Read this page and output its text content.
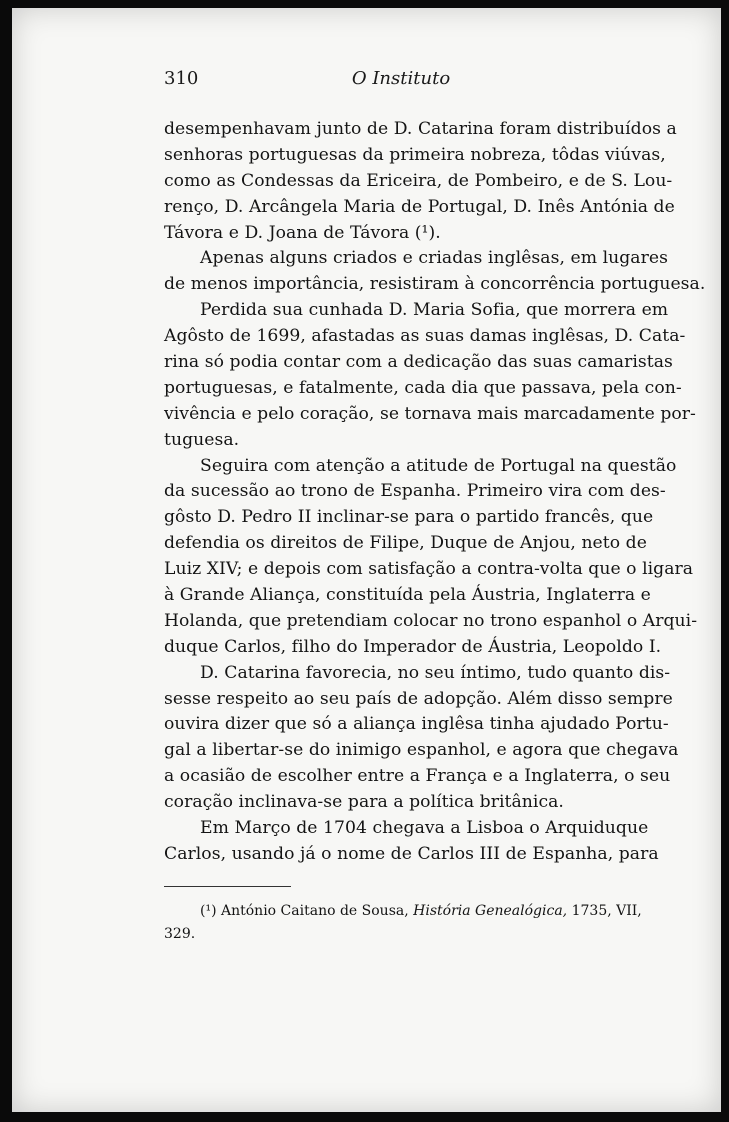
310	O Instituto
desempenhavam junto de D. Catarina foram distribuídos a
senhoras portuguesas da primeira nobreza, tôdas viúvas,
como as Condessas da Ericeira, de Pombeiro, e de S. Lou-
renço, D. Arcângela Maria de Portugal, D. Inês Antónia de
Távora e D. Joana de Távora (¹).
Apenas alguns criados e criadas inglêsas, em lugares
de menos importância, resistiram à concorrência portuguesa.
Perdida sua cunhada D. Maria Sofia, que morrera em
Agôsto de 1699, afastadas as suas damas inglêsas, D. Cata-
rina só podia contar com a dedicação das suas camaristas
portuguesas, e fatalmente, cada dia que passava, pela con-
vivência e pelo coração, se tornava mais marcadamente por-
tuguesa.
Seguira com atenção a atitude de Portugal na questão
da sucessão ao trono de Espanha. Primeiro vira com des-
gôsto D. Pedro II inclinar-se para o partido francês, que
defendia os direitos de Filipe, Duque de Anjou, neto de
Luiz XIV; e depois com satisfação a contra-volta que o ligara
à Grande Aliança, constituída pela Áustria, Inglaterra e
Holanda, que pretendiam colocar no trono espanhol o Arqui-
duque Carlos, filho do Imperador de Áustria, Leopoldo I.
D. Catarina favorecia, no seu íntimo, tudo quanto dis-
sesse respeito ao seu país de adopção. Além disso sempre
ouvira dizer que só a aliança inglêsa tinha ajudado Portu-
gal a libertar-se do inimigo espanhol, e agora que chegava
a ocasião de escolher entre a França e a Inglaterra, o seu
coração inclinava-se para a política britânica.
Em Março de 1704 chegava a Lisboa o Arquiduque
Carlos, usando já o nome de Carlos III de Espanha, para
(¹) António Caitano de Sousa, História Genealógica, 1735, VII,
329.
